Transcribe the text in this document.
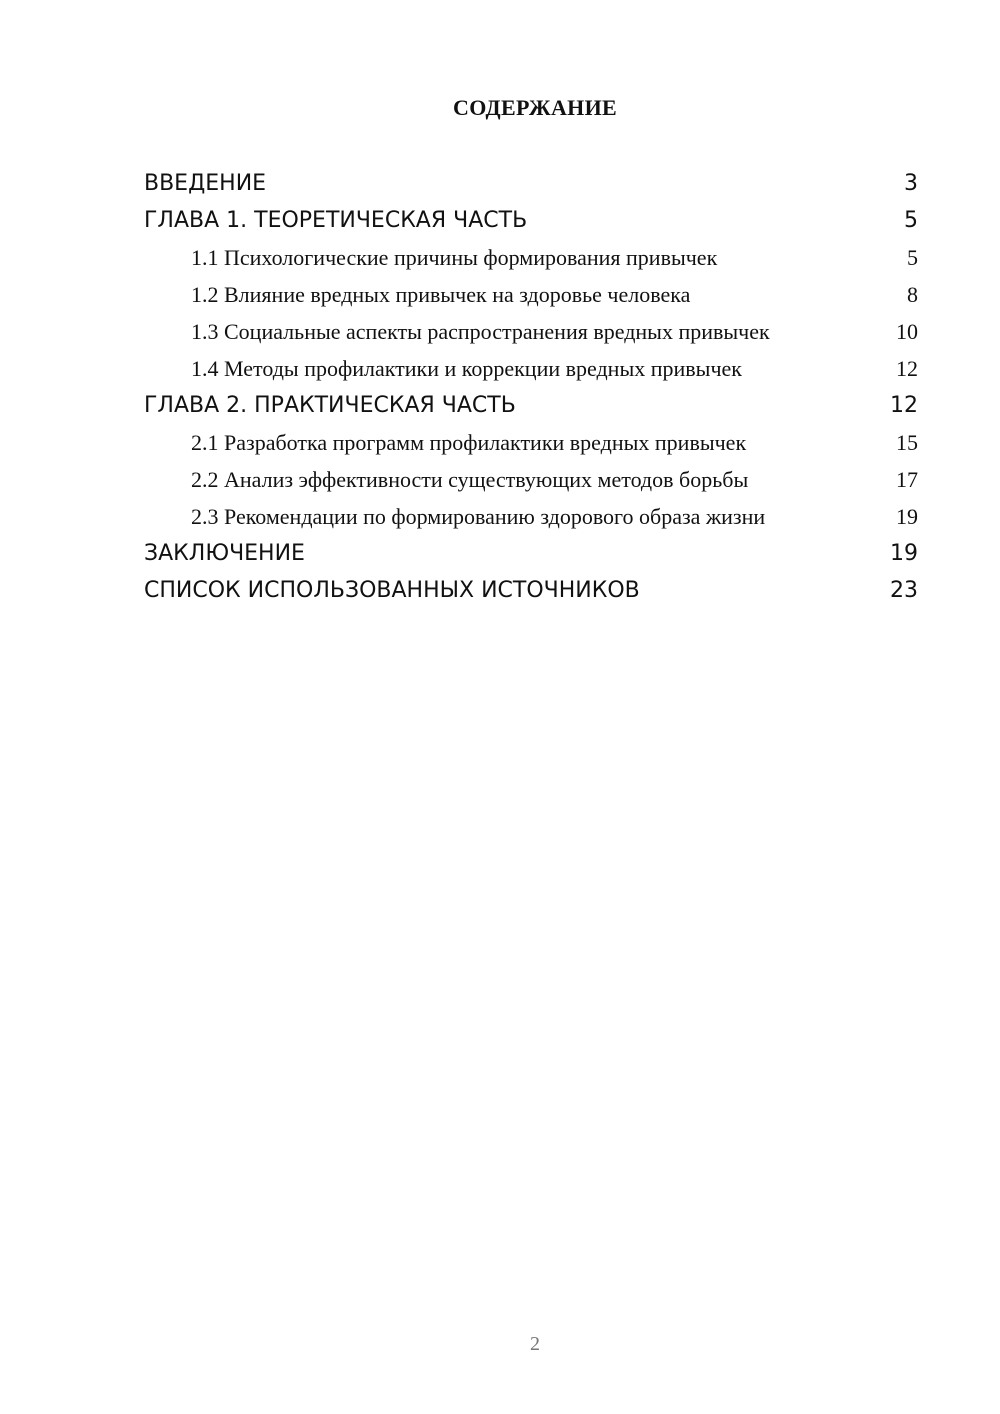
СОДЕРЖАНИЕ
ВВЕДЕНИЕ	3
ГЛАВА 1. ТЕОРЕТИЧЕСКАЯ ЧАСТЬ	5
1.1 Психологические причины формирования привычек	5
1.2 Влияние вредных привычек на здоровье человека	8
1.3 Социальные аспекты распространения вредных привычек	10
1.4 Методы профилактики и коррекции вредных привычек	12
ГЛАВА 2. ПРАКТИЧЕСКАЯ ЧАСТЬ	12
2.1 Разработка программ профилактики вредных привычек	15
2.2 Анализ эффективности существующих методов борьбы	17
2.3 Рекомендации по формированию здорового образа жизни	19
ЗАКЛЮЧЕНИЕ	19
СПИСОК ИСПОЛЬЗОВАННЫХ ИСТОЧНИКОВ	23
2
